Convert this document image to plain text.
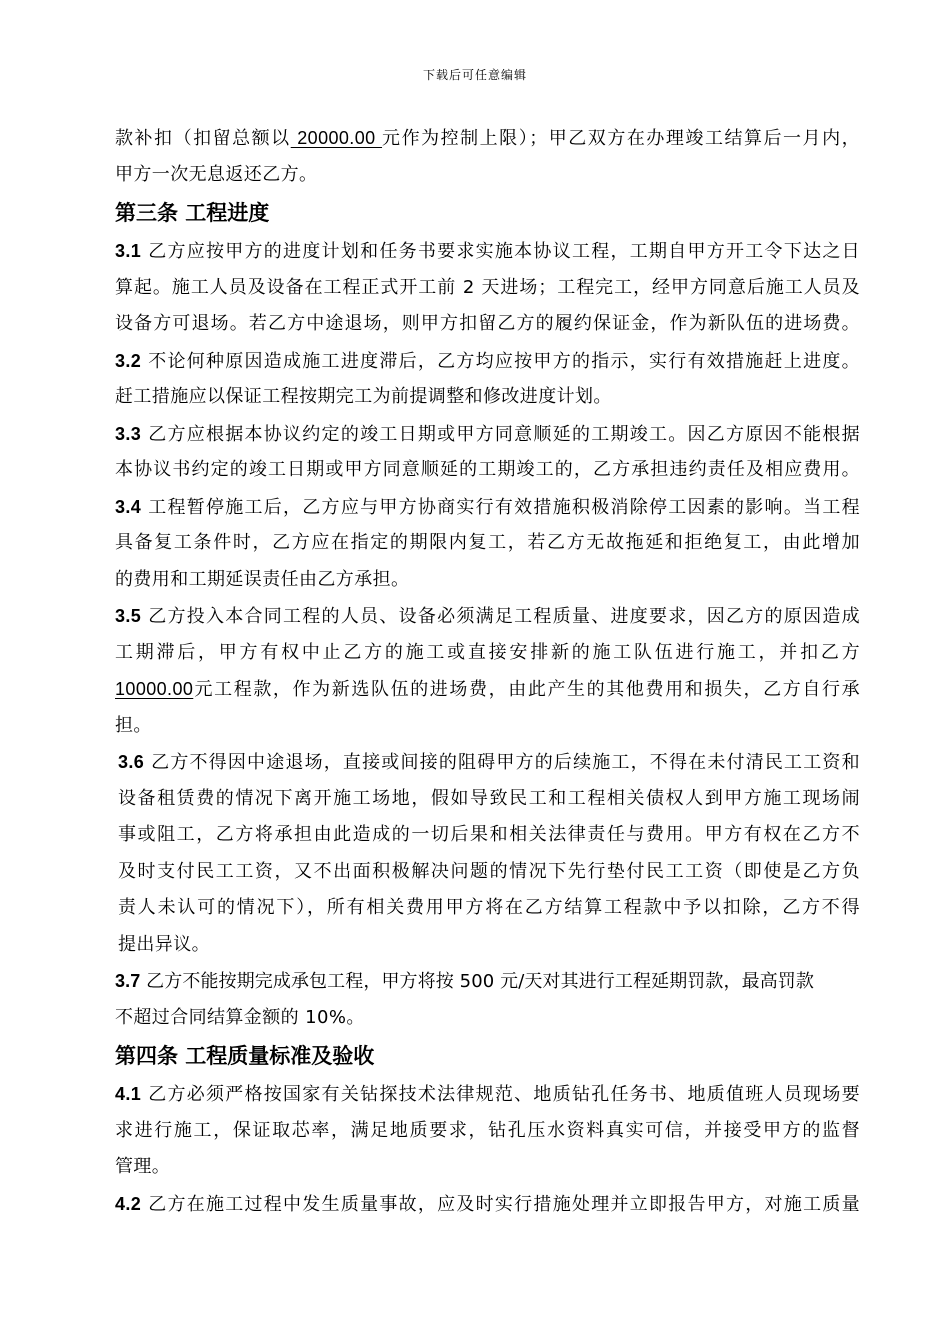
下载后可任意编辑
款补扣（扣留总额以 20000.00 元作为控制上限）；甲乙双方在办理竣工结算后一月内，
甲方一次无息返还乙方。
第三条 工程进度
3.1 乙方应按甲方的进度计划和任务书要求实施本协议工程，工期自甲方开工令下达之日
算起。施工人员及设备在工程正式开工前 2 天进场；工程完工，经甲方同意后施工人员及
设备方可退场。若乙方中途退场，则甲方扣留乙方的履约保证金，作为新队伍的进场费。
3.2 不论何种原因造成施工进度滞后，乙方均应按甲方的指示，实行有效措施赶上进度。
赶工措施应以保证工程按期完工为前提调整和修改进度计划。
3.3 乙方应根据本协议约定的竣工日期或甲方同意顺延的工期竣工。因乙方原因不能根据
本协议书约定的竣工日期或甲方同意顺延的工期竣工的，乙方承担违约责任及相应费用。
3.4 工程暂停施工后，乙方应与甲方协商实行有效措施积极消除停工因素的影响。当工程
具备复工条件时，乙方应在指定的期限内复工，若乙方无故拖延和拒绝复工，由此增加
的费用和工期延误责任由乙方承担。
3.5 乙方投入本合同工程的人员、设备必须满足工程质量、进度要求，因乙方的原因造成
工期滞后，甲方有权中止乙方的施工或直接安排新的施工队伍进行施工，并扣乙方
10000.00元工程款，作为新选队伍的进场费，由此产生的其他费用和损失，乙方自行承
担。
3.6 乙方不得因中途退场，直接或间接的阻碍甲方的后续施工，不得在未付清民工工资和
设备租赁费的情况下离开施工场地，假如导致民工和工程相关债权人到甲方施工现场闹
事或阻工，乙方将承担由此造成的一切后果和相关法律责任与费用。甲方有权在乙方不
及时支付民工工资，又不出面积极解决问题的情况下先行垫付民工工资（即使是乙方负
责人未认可的情况下），所有相关费用甲方将在乙方结算工程款中予以扣除，乙方不得
提出异议。
3.7 乙方不能按期完成承包工程，甲方将按 500 元/天对其进行工程延期罚款，最高罚款
不超过合同结算金额的 10%。
第四条 工程质量标准及验收
4.1 乙方必须严格按国家有关钻探技术法律规范、地质钻孔任务书、地质值班人员现场要
求进行施工，保证取芯率，满足地质要求，钻孔压水资料真实可信，并接受甲方的监督
管理。
4.2 乙方在施工过程中发生质量事故，应及时实行措施处理并立即报告甲方，对施工质量
